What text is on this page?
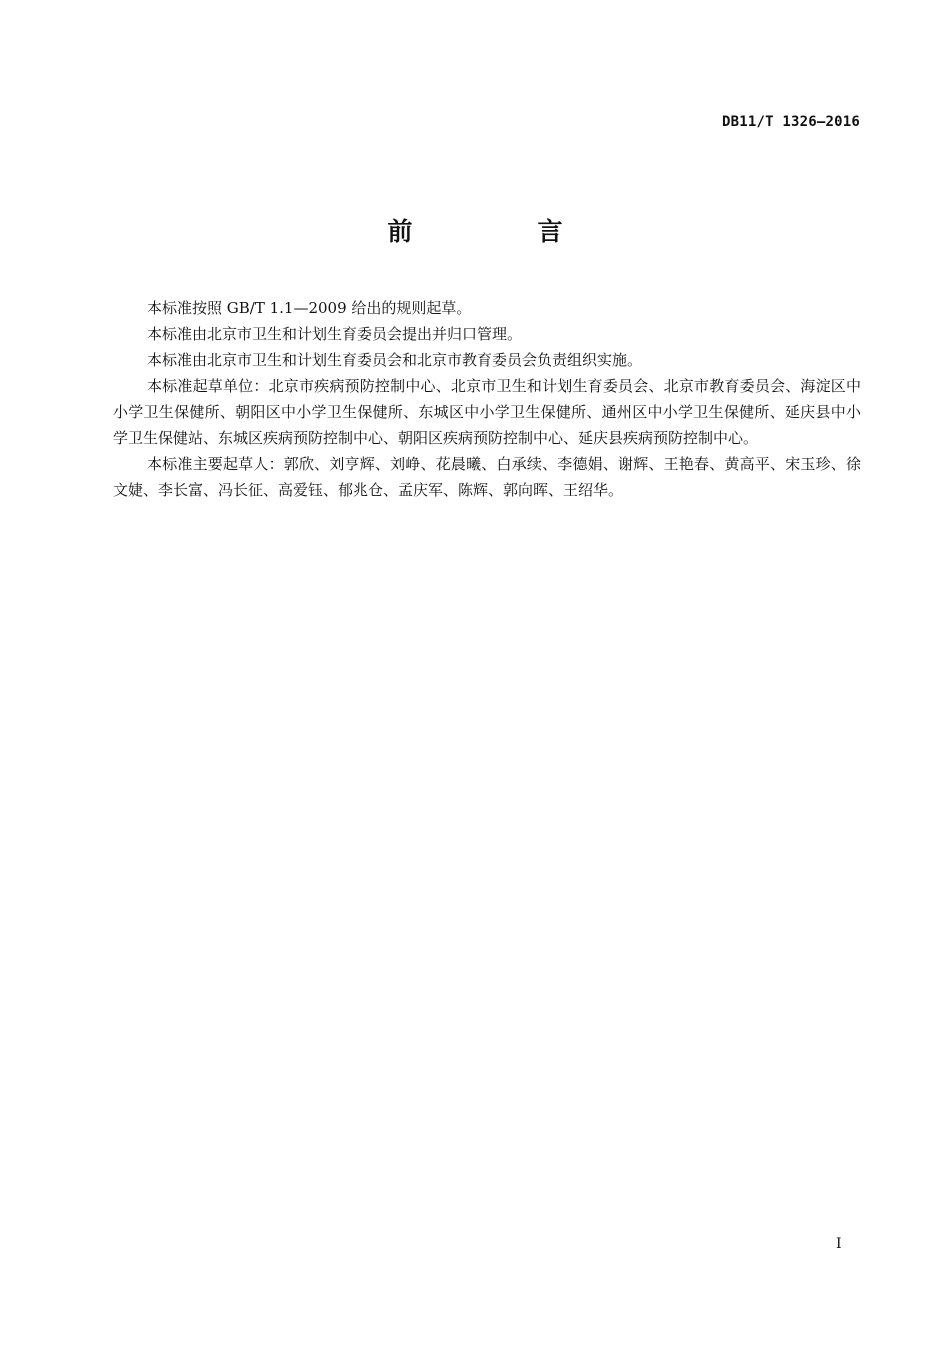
DB11/T 1326—2016
前　言

本标准按照 GB/T 1.1—2009 给出的规则起草。

本标准由北京市卫生和计划生育委员会提出并归口管理。

本标准由北京市卫生和计划生育委员会和北京市教育委员会负责组织实施。

本标准起草单位：北京市疾病预防控制中心、北京市卫生和计划生育委员会、北京市教育委员会、海淀区中小学卫生保健所、朝阳区中小学卫生保健所、东城区中小学卫生保健所、通州区中小学卫生保健所、延庆县中小学卫生保健站、东城区疾病预防控制中心、朝阳区疾病预防控制中心、延庆县疾病预防控制中心。

本标准主要起草人：郭欣、刘亨辉、刘峥、花晨曦、白承续、李德娟、谢辉、王艳春、黄高平、宋玉珍、徐文婕、李长富、冯长征、高爱钰、郁兆仓、孟庆军、陈辉、郭向晖、王绍华。

I
